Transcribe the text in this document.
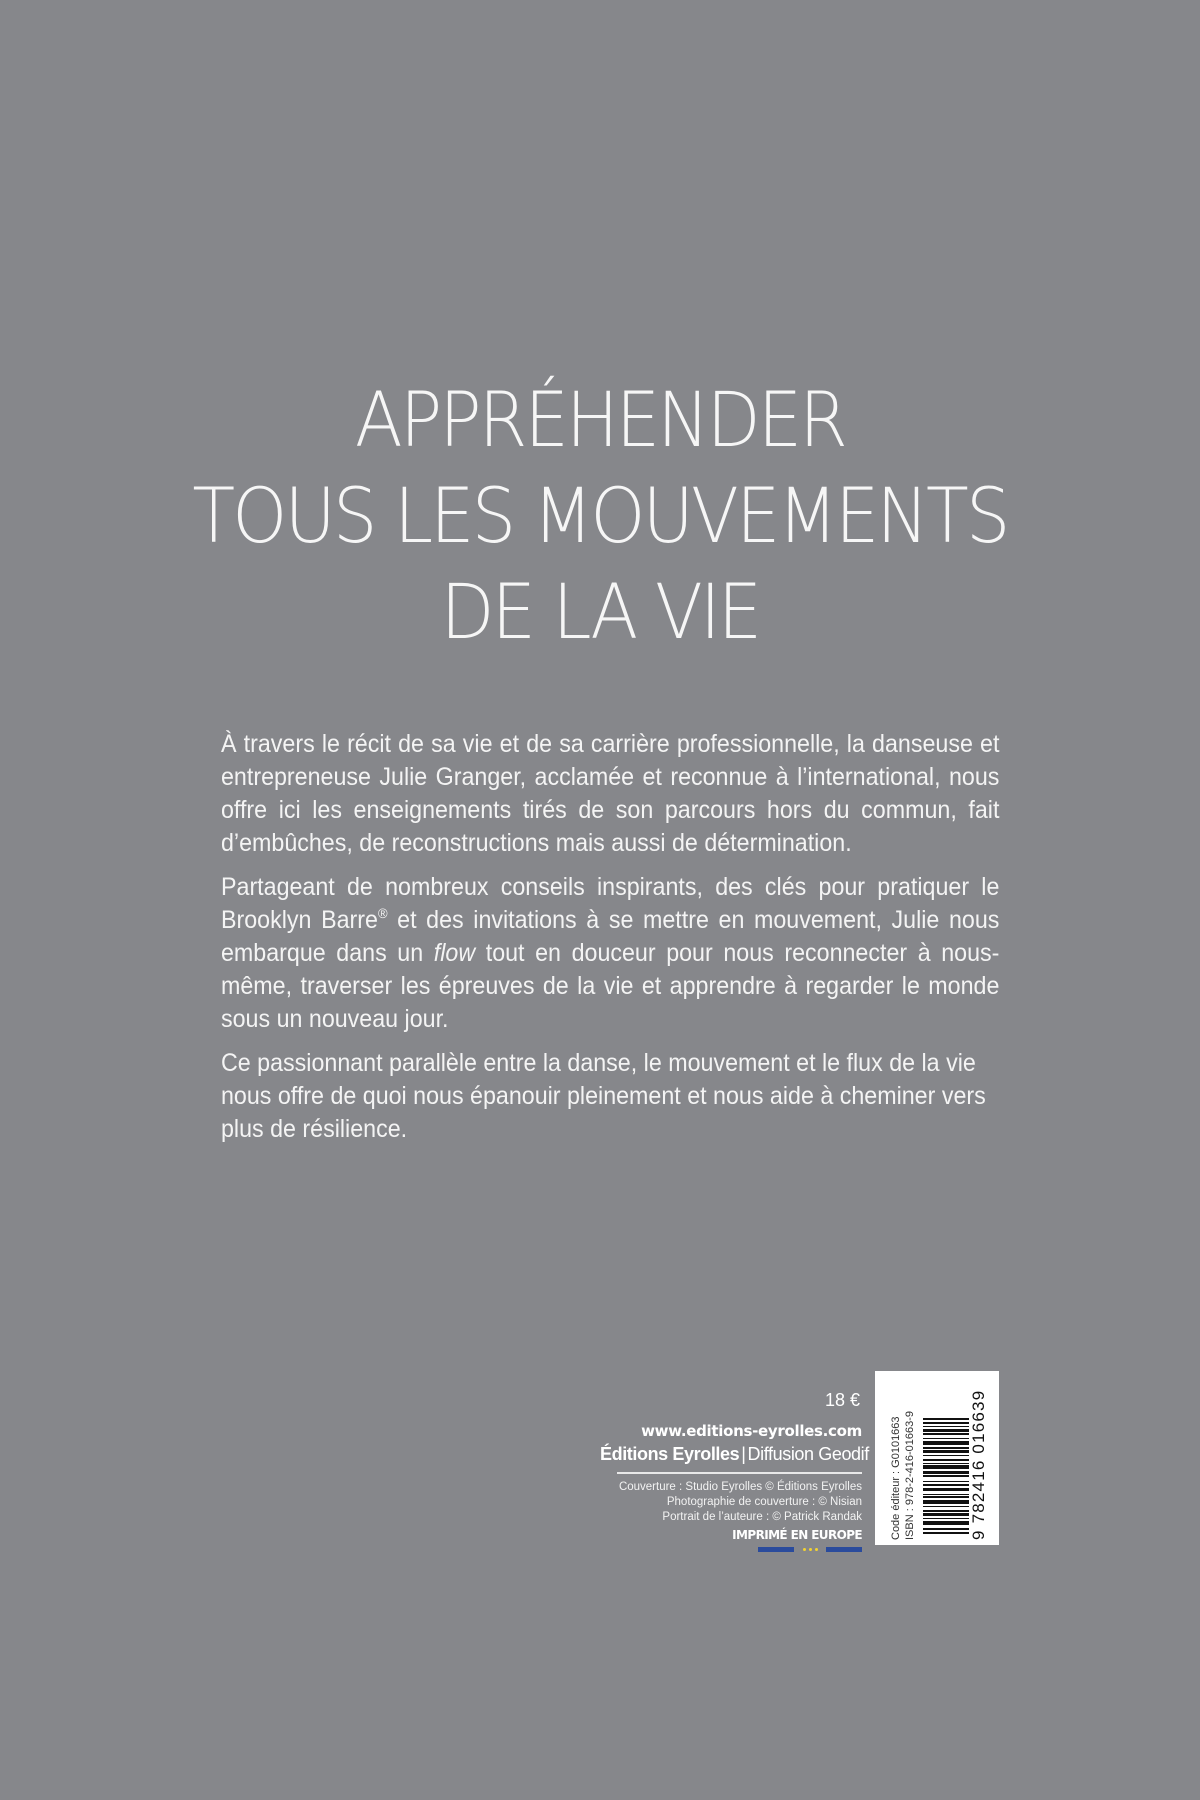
APPRÉHENDER
TOUS LES MOUVEMENTS
DE LA VIE

À travers le récit de sa vie et de sa carrière professionnelle, la danseuse et entrepreneuse Julie Granger, acclamée et reconnue à l’international, nous offre ici les enseignements tirés de son parcours hors du commun, fait d’embûches, de reconstructions mais aussi de détermination.

Partageant de nombreux conseils inspirants, des clés pour pratiquer le Brooklyn Barre® et des invitations à se mettre en mouvement, Julie nous embarque dans un flow tout en douceur pour nous reconnecter à nous-même, traverser les épreuves de la vie et apprendre à regarder le monde sous un nouveau jour.

Ce passionnant parallèle entre la danse, le mouvement et le flux de la vie nous offre de quoi nous épanouir pleinement et nous aide à cheminer vers plus de résilience.

18 €
www.editions-eyrolles.com
Éditions Eyrolles | Diffusion Geodif
Couverture : Studio Eyrolles © Éditions Eyrolles
Photographie de couverture : © Nisian
Portrait de l’auteure : © Patrick Randak
IMPRIMÉ EN EUROPE	Code éditeur : G0101663 ISBN : 978-2-416-01663-9	9 782416 016639
